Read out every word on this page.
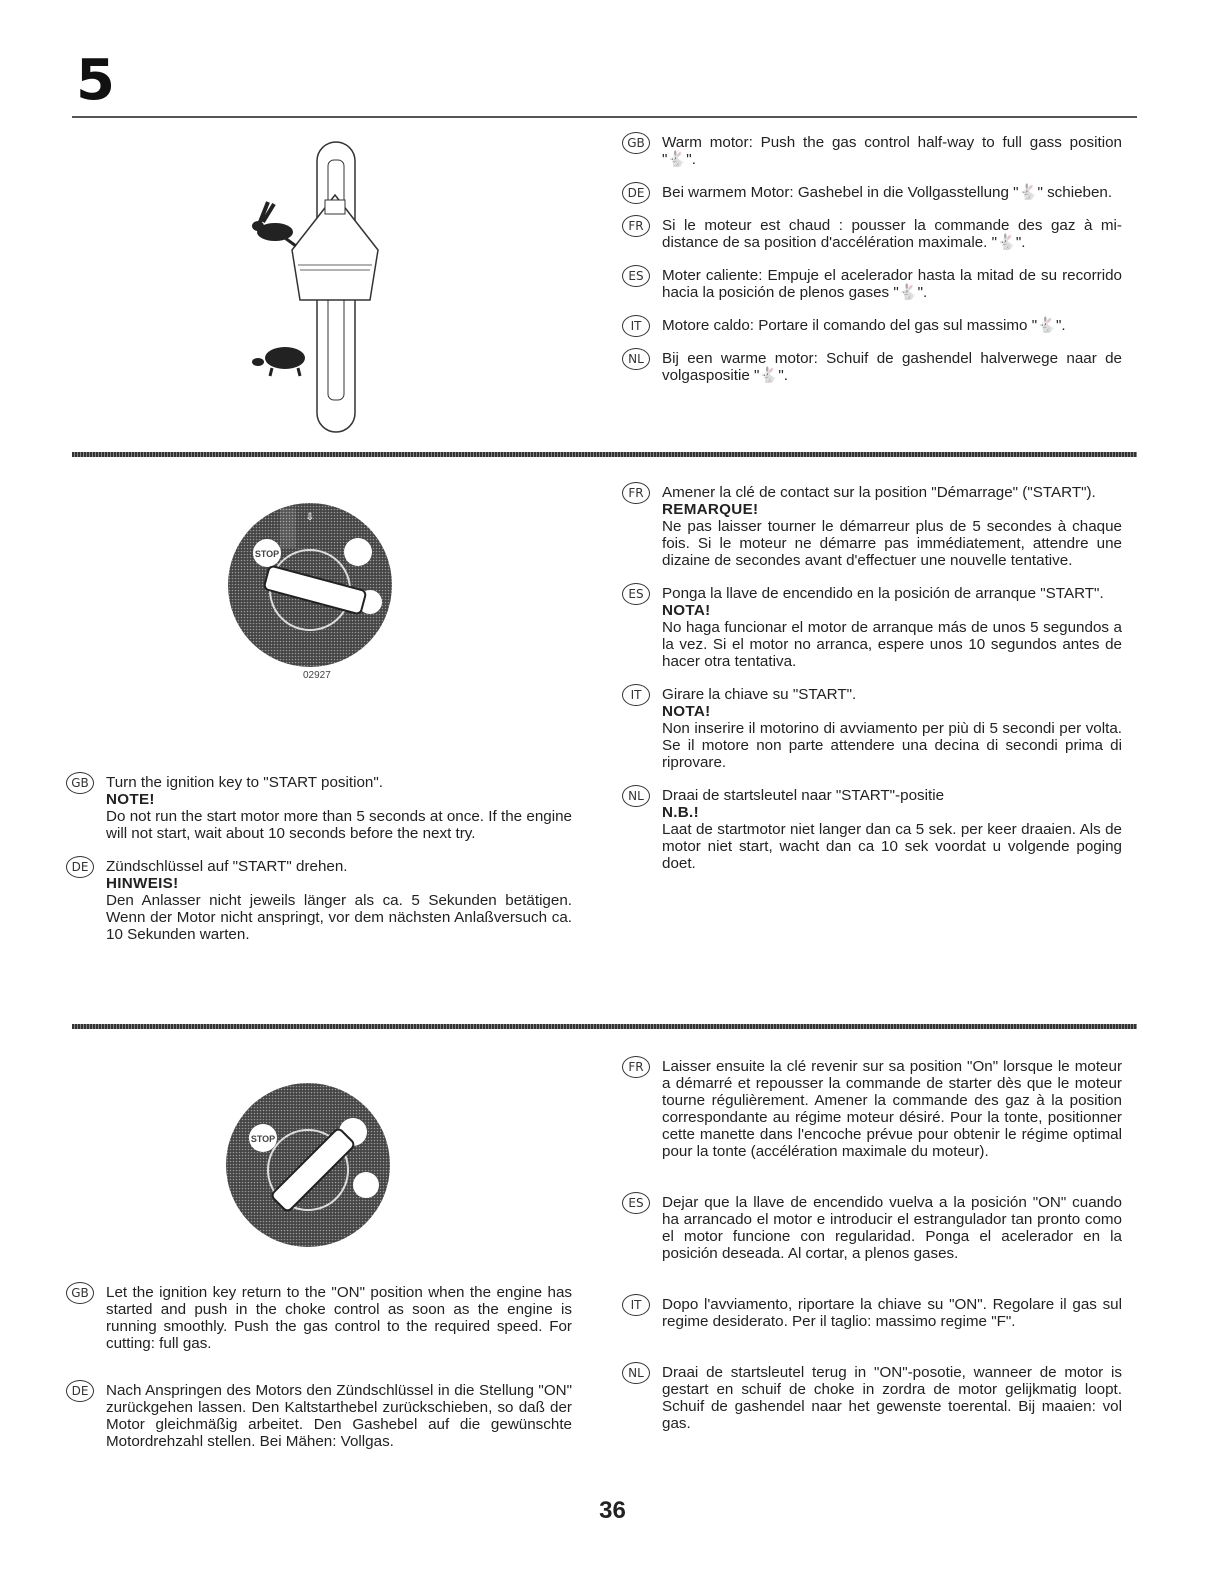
5
GB	Warm motor: Push the gas control half-way to full gass position "🐇".

DE	Bei warmem Motor: Gashebel in die Vollgasstellung "🐇" schieben.

FR	Si le moteur est chaud : pousser la commande des gaz à mi-distance de sa position d'accélération maximale. "🐇".

ES	Moter caliente: Empuje el acelerador hasta la mitad de su recorrido hacia la posición de plenos gases "🐇".

IT	Motore caldo: Portare il comando del gas sul massimo "🐇".

NL	Bij een warme motor: Schuif de gashendel halverwege naar de volgaspositie "🐇".

⇩
STOP
02927
GB	Turn the ignition key to "START position".

NOTE!

Do not run the start motor more than 5 seconds at once. If the engine will not start, wait about 10 seconds before the next try.

DE	Zündschlüssel auf "START" drehen.

HINWEIS!

Den Anlasser nicht jeweils länger als ca. 5 Sekunden betätigen. Wenn der Motor nicht anspringt, vor dem nächsten Anlaßversuch ca. 10 Sekunden warten.

FR	Amener la clé de contact sur la position "Démarrage" ("START").

REMARQUE!

Ne pas laisser tourner le démarreur plus de 5 secondes à chaque fois. Si le moteur ne démarre pas immédiatement, attendre une dizaine de secondes avant d'effectuer une nouvelle tentative.

ES	Ponga la llave de encendido en la posición de arranque "START".

NOTA!

No haga funcionar el motor de arranque más de unos 5 segundos a la vez. Si el motor no arranca, espere unos 10 segundos antes de hacer otra tentativa.

IT	Girare la chiave su "START".

NOTA!

Non inserire il motorino di avviamento per più di 5 secondi per volta. Se il motore non parte attendere una decina di secondi prima di riprovare.

NL	Draai de startsleutel naar "START"-positie

N.B.!

Laat de startmotor niet langer dan ca 5 sek. per keer draaien. Als de motor niet start, wacht dan ca 10 sek voordat u volgende poging doet.

STOP
GB	Let the ignition key return to the "ON" position when the engine has started and push in the choke control as soon as the engine is running smoothly. Push the gas control to the required speed. For cutting: full gas.

DE	Nach Anspringen des Motors den Zündschlüssel in die Stellung "ON" zurückgehen lassen. Den Kaltstarthebel zurückschieben, so daß der Motor gleichmäßig arbeitet. Den Gashebel auf die gewünschte Motordrehzahl stellen. Bei Mähen: Vollgas.

FR	Laisser ensuite la clé revenir sur sa position "On" lorsque le moteur a démarré et repousser la commande de starter dès que le moteur tourne régulièrement. Amener la commande des gaz à la position correspondante au régime moteur désiré. Pour la tonte, positionner cette manette dans l'encoche prévue pour obtenir le régime optimal pour la tonte (accélération maximale du moteur).

ES	Dejar que la llave de encendido vuelva a la posición "ON" cuando ha arrancado el motor e introducir el estrangulador tan pronto como el motor funcione con regularidad. Ponga el acelerador en la posición deseada. Al cortar, a plenos gases.

IT	Dopo l'avviamento, riportare la chiave su "ON". Regolare il gas sul regime desiderato. Per il taglio: massimo regime "F".

NL	Draai de startsleutel terug in "ON"-posotie, wanneer de motor is gestart en schuif de choke in zordra de motor gelijkmatig loopt. Schuif de gashendel naar het gewenste toerental. Bij maaien: vol gas.

36
